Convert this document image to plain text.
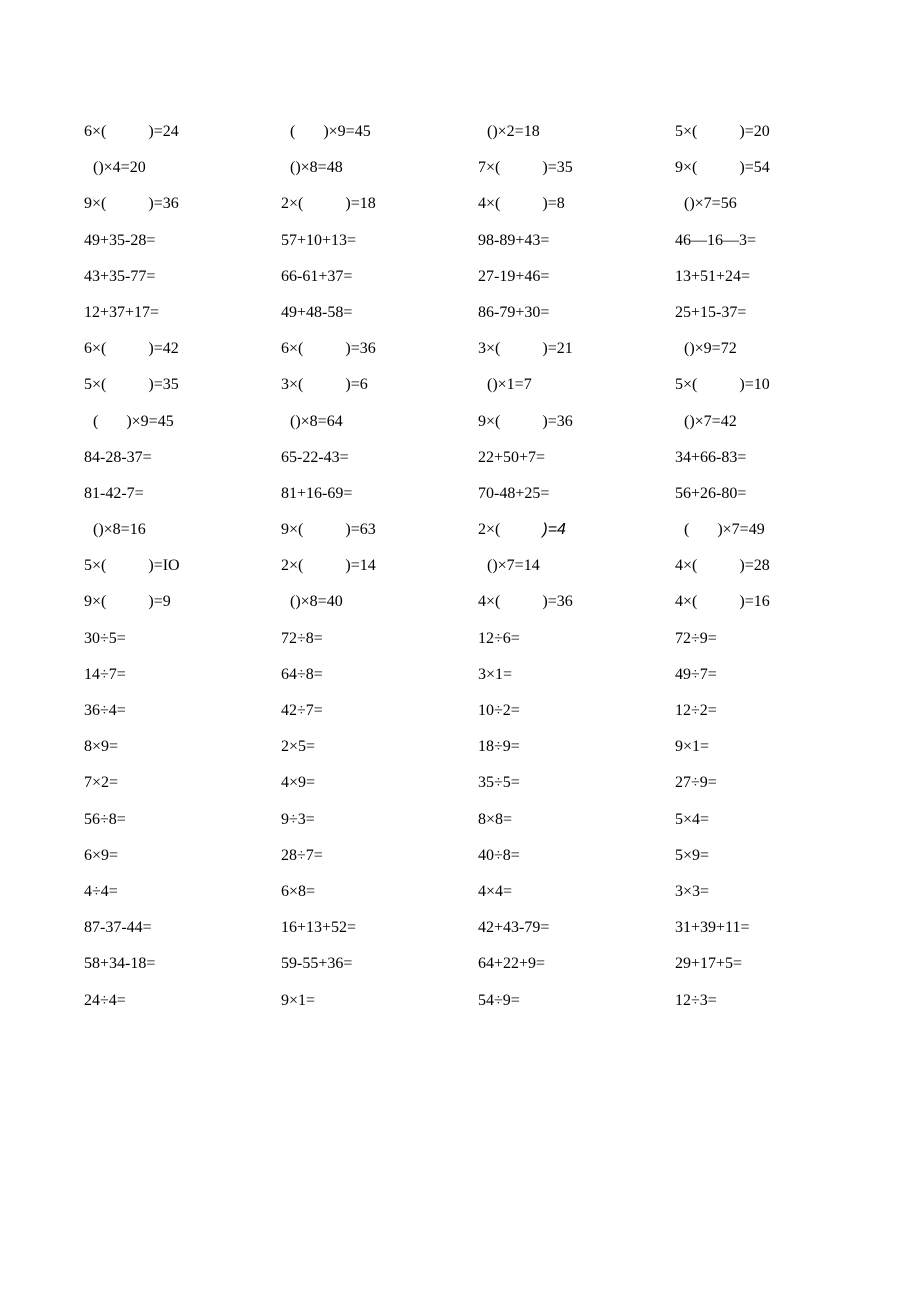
6×(	)=24	( )×9=45	()×2=18	5×(	)=20
()×4=20	()×8=48	7×(	)=35	9×(	)=54
9×(	)=36	2×(	)=18	4×(	)=8	()×7=56
49+35-28=	57+10+13=	98-89+43=	46—16—3=
43+35-77=	66-61+37=	27-19+46=	13+51+24=
12+37+17=	49+48-58=	86-79+30=	25+15-37=
6×(	)=42	6×(	)=36	3×(	)=21	()×9=72
5×(	)=35	3×(	)=6	()×1=7	5×(	)=10
( )×9=45	()×8=64	9×(	)=36	()×7=42
84-28-37=	65-22-43=	22+50+7=	34+66-83=
81-42-7=	81+16-69=	70-48+25=	56+26-80=
()×8=16	9×(	)=63	2×(	)=4	( )×7=49
5×(	)=IO	2×(	)=14	()×7=14	4×(	)=28
9×(	)=9	()×8=40	4×(	)=36	4×(	)=16
30÷5=	72÷8=	12÷6=	72÷9=
14÷7=	64÷8=	3×1=	49÷7=
36÷4=	42÷7=	10÷2=	12÷2=
8×9=	2×5=	18÷9=	9×1=
7×2=	4×9=	35÷5=	27÷9=
56÷8=	9÷3=	8×8=	5×4=
6×9=	28÷7=	40÷8=	5×9=
4÷4=	6×8=	4×4=	3×3=
87-37-44=	16+13+52=	42+43-79=	31+39+11=
58+34-18=	59-55+36=	64+22+9=	29+17+5=
24÷4=	9×1=	54÷9=	12÷3=
